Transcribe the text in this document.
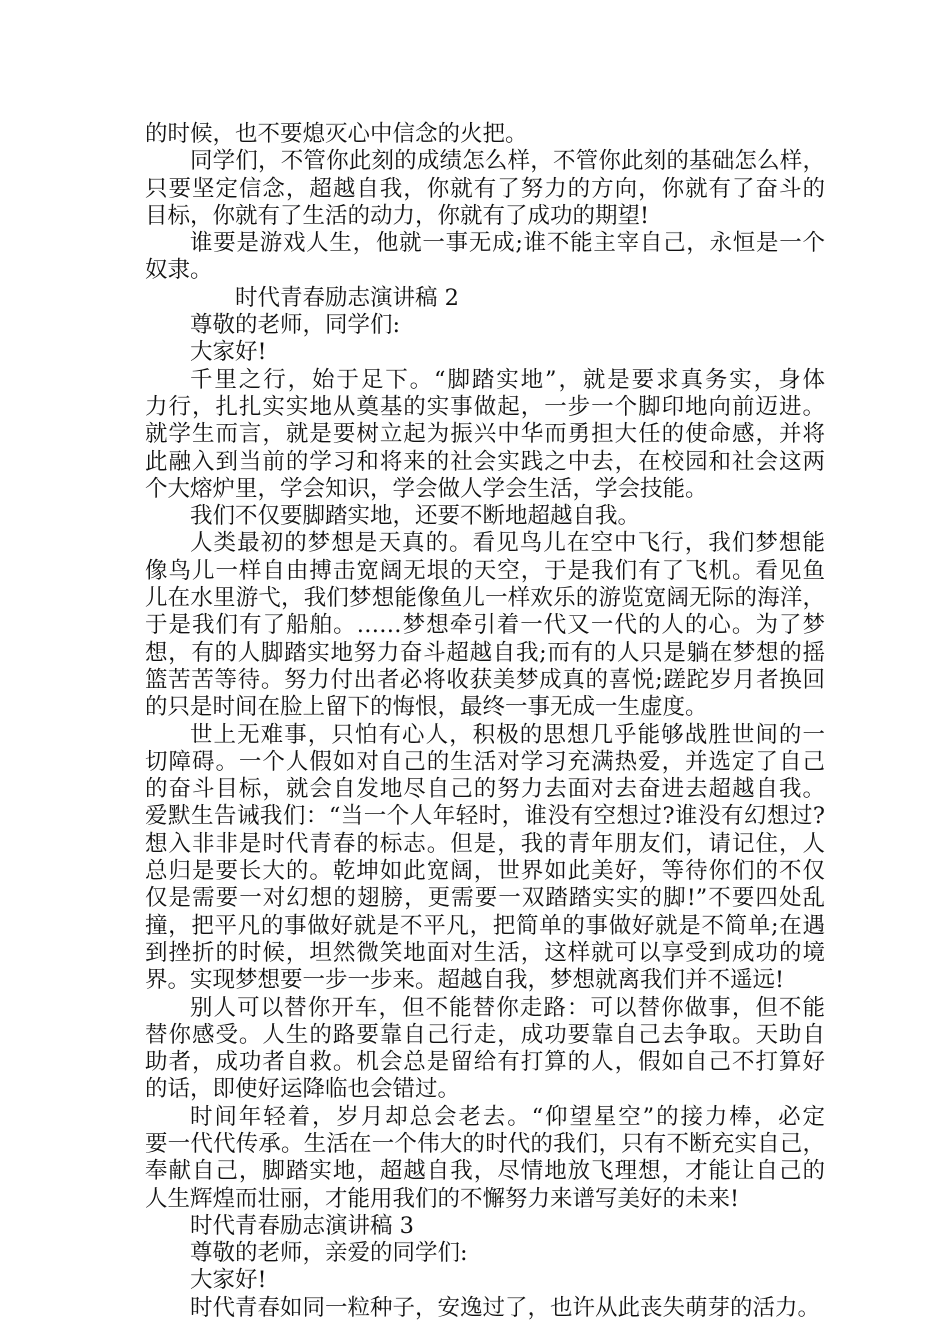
的时候，也不要熄灭心中信念的火把。
同学们，不管你此刻的成绩怎么样，不管你此刻的基础怎么样，
只要坚定信念，超越自我，你就有了努力的方向，你就有了奋斗的
目标，你就有了生活的动力，你就有了成功的期望!
谁要是游戏人生，他就一事无成;谁不能主宰自己，永恒是一个
奴隶。
时代青春励志演讲稿 2
尊敬的老师，同学们:
大家好!
千里之行，始于足下。“脚踏实地”，就是要求真务实，身体
力行，扎扎实实地从奠基的实事做起，一步一个脚印地向前迈进。
就学生而言，就是要树立起为振兴中华而勇担大任的使命感，并将
此融入到当前的学习和将来的社会实践之中去，在校园和社会这两
个大熔炉里，学会知识，学会做人学会生活，学会技能。
我们不仅要脚踏实地，还要不断地超越自我。
人类最初的梦想是天真的。看见鸟儿在空中飞行，我们梦想能
像鸟儿一样自由搏击宽阔无垠的天空，于是我们有了飞机。看见鱼
儿在水里游弋，我们梦想能像鱼儿一样欢乐的游览宽阔无际的海洋，
于是我们有了船舶。……梦想牵引着一代又一代的人的心。为了梦
想，有的人脚踏实地努力奋斗超越自我;而有的人只是躺在梦想的摇
篮苦苦等待。努力付出者必将收获美梦成真的喜悦;蹉跎岁月者换回
的只是时间在脸上留下的悔恨，最终一事无成一生虚度。
世上无难事，只怕有心人，积极的思想几乎能够战胜世间的一
切障碍。一个人假如对自己的生活对学习充满热爱，并选定了自己
的奋斗目标，就会自发地尽自己的努力去面对去奋进去超越自我。
爱默生告诫我们：“当一个人年轻时，谁没有空想过?谁没有幻想过?
想入非非是时代青春的标志。但是，我的青年朋友们，请记住，人
总归是要长大的。乾坤如此宽阔，世界如此美好，等待你们的不仅
仅是需要一对幻想的翅膀，更需要一双踏踏实实的脚!”不要四处乱
撞，把平凡的事做好就是不平凡，把简单的事做好就是不简单;在遇
到挫折的时候，坦然微笑地面对生活，这样就可以享受到成功的境
界。实现梦想要一步一步来。超越自我，梦想就离我们并不遥远!
别人可以替你开车，但不能替你走路：可以替你做事，但不能
替你感受。人生的路要靠自己行走，成功要靠自己去争取。天助自
助者，成功者自救。机会总是留给有打算的人，假如自己不打算好
的话，即使好运降临也会错过。
时间年轻着，岁月却总会老去。“仰望星空”的接力棒，必定
要一代代传承。生活在一个伟大的时代的我们，只有不断充实自己，
奉献自己，脚踏实地，超越自我，尽情地放飞理想，才能让自己的
人生辉煌而壮丽，才能用我们的不懈努力来谱写美好的未来!
时代青春励志演讲稿 3
尊敬的老师，亲爱的同学们:
大家好!
时代青春如同一粒种子，安逸过了，也许从此丧失萌芽的活力。
